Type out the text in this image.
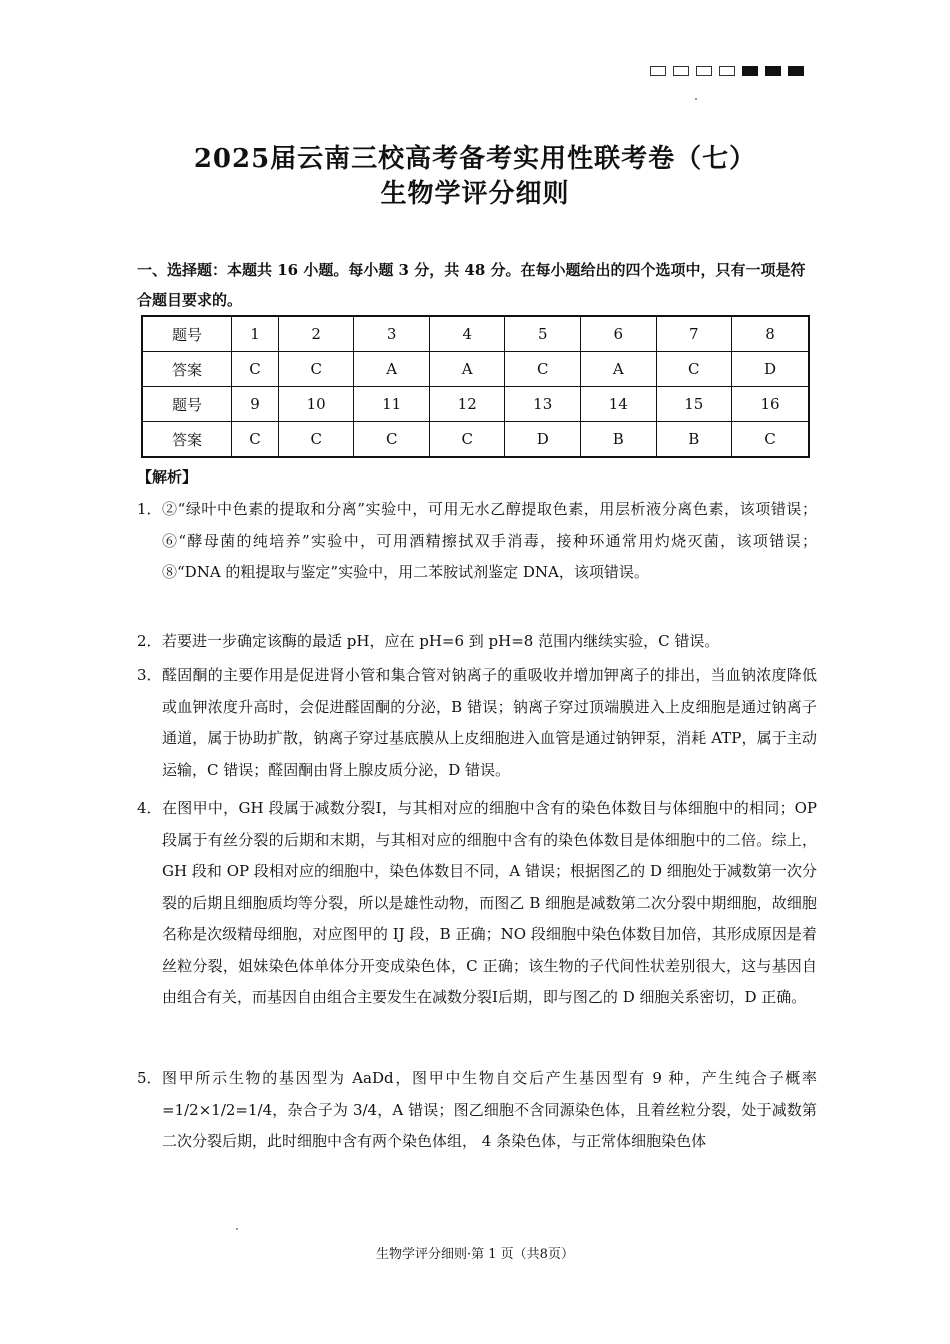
2025届云南三校高考备考实用性联考卷（七）
生物学评分细则
一、选择题：本题共 16 小题。每小题 3 分，共 48 分。在每小题给出的四个选项中，只有一项是符合题目要求的。
题号	1	2	3	4	5	6	7	8
答案	C	C	A	A	C	A	C	D
题号	9	10	11	12	13	14	15	16
答案	C	C	C	C	D	B	B	C
【解析】
1． ②“绿叶中色素的提取和分离”实验中，可用无水乙醇提取色素，用层析液分离色素，该项错误；⑥“酵母菌的纯培养”实验中，可用酒精擦拭双手消毒，接种环通常用灼烧灭菌，该项错误；⑧“DNA 的粗提取与鉴定”实验中，用二苯胺试剂鉴定 DNA，该项错误。
2． 若要进一步确定该酶的最适 pH，应在 pH=6 到 pH=8 范围内继续实验，C 错误。
3． 醛固酮的主要作用是促进肾小管和集合管对钠离子的重吸收并增加钾离子的排出，当血钠浓度降低或血钾浓度升高时，会促进醛固酮的分泌，B 错误；钠离子穿过顶端膜进入上皮细胞是通过钠离子通道，属于协助扩散，钠离子穿过基底膜从上皮细胞进入血管是通过钠钾泵，消耗 ATP，属于主动运输，C 错误；醛固酮由肾上腺皮质分泌，D 错误。
4． 在图甲中，GH 段属于减数分裂Ⅰ，与其相对应的细胞中含有的染色体数目与体细胞中的相同；OP 段属于有丝分裂的后期和末期，与其相对应的细胞中含有的染色体数目是体细胞中的二倍。综上，GH 段和 OP 段相对应的细胞中，染色体数目不同，A 错误；根据图乙的 D 细胞处于减数第一次分裂的后期且细胞质均等分裂，所以是雄性动物，而图乙 B 细胞是减数第二次分裂中期细胞，故细胞名称是次级精母细胞，对应图甲的 IJ 段，B 正确；NO 段细胞中染色体数目加倍，其形成原因是着丝粒分裂，姐妹染色体单体分开变成染色体，C 正确；该生物的子代间性状差别很大，这与基因自由组合有关，而基因自由组合主要发生在减数分裂Ⅰ后期，即与图乙的 D 细胞关系密切，D 正确。
5． 图甲所示生物的基因型为 AaDd，图甲中生物自交后产生基因型有 9 种，产生纯合子概率=1/2×1/2=1/4，杂合子为 3/4，A 错误；图乙细胞不含同源染色体，且着丝粒分裂，处于减数第二次分裂后期，此时细胞中含有两个染色体组， 4 条染色体，与正常体细胞染色体
生物学评分细则·第 1 页（共8页）
